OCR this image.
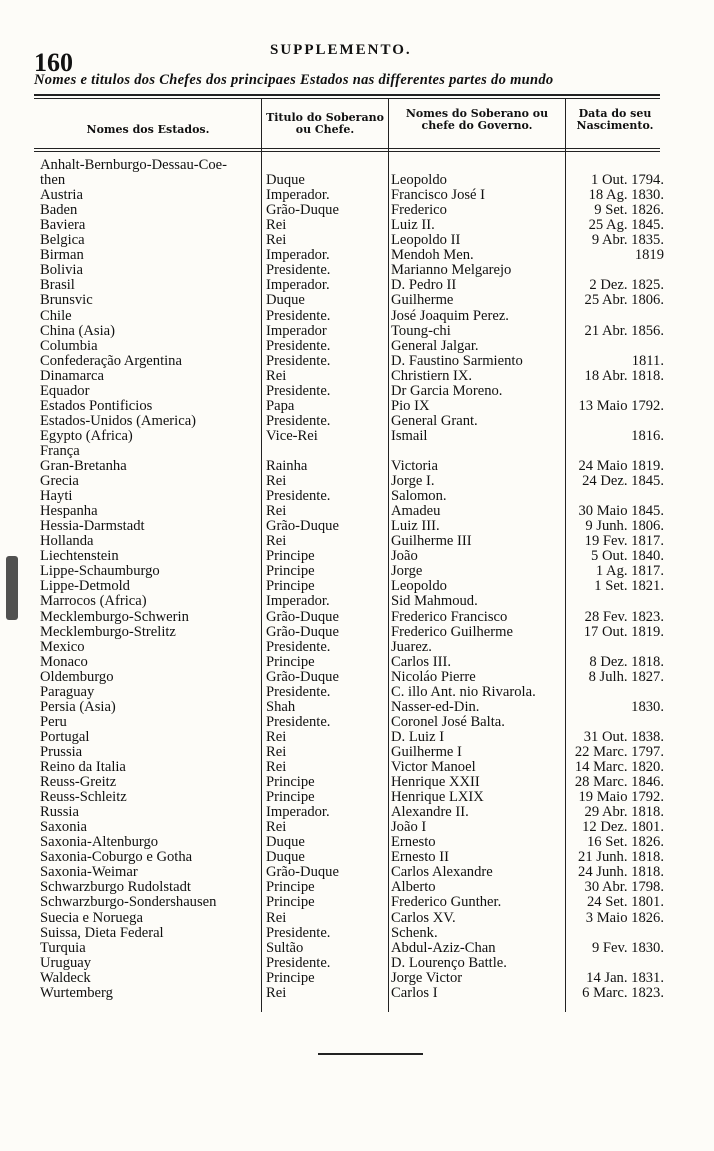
160	SUPPLEMENTO.
Nomes e titulos dos Chefes dos principaes Estados nas differentes partes do mundo
Nomes dos Estados.
Titulo do Soberano
ou Chefe.
Nomes do Soberano ou
chefe do Governo.
Data do seu
Nascimento.
Anhalt-Bernburgo-Dessau-Coe-
then	Duque	Leopoldo	1 Out. 1794.
Austria	Imperador.	Francisco José I	18 Ag. 1830.
Baden	Grão-Duque	Frederico	9 Set. 1826.
Baviera	Rei	Luiz II.	25 Ag. 1845.
Belgica	Rei	Leopoldo II	9 Abr. 1835.
Birman	Imperador.	Mendoh Men.	1819
Bolivia	Presidente.	Marianno Melgarejo
Brasil	Imperador.	D. Pedro II	2 Dez. 1825.
Brunsvic	Duque	Guilherme	25 Abr. 1806.
Chile	Presidente.	José Joaquim Perez.
China (Asia)	Imperador	Toung-chi	21 Abr. 1856.
Columbia	Presidente.	General Jalgar.
Confederação Argentina	Presidente.	D. Faustino Sarmiento	1811.
Dinamarca	Rei	Christiern IX.	18 Abr. 1818.
Equador	Presidente.	Dr Garcia Moreno.
Estados Pontificios	Papa	Pio IX	13 Maio 1792.
Estados-Unidos (America)	Presidente.	General Grant.
Egypto (Africa)	Vice-Rei	Ismail	1816.
França
Gran-Bretanha	Rainha	Victoria	24 Maio 1819.
Grecia	Rei	Jorge I.	24 Dez. 1845.
Hayti	Presidente.	Salomon.
Hespanha	Rei	Amadeu	30 Maio 1845.
Hessia-Darmstadt	Grão-Duque	Luiz III.	9 Junh. 1806.
Hollanda	Rei	Guilherme III	19 Fev. 1817.
Liechtenstein	Principe	João	5 Out. 1840.
Lippe-Schaumburgo	Principe	Jorge	1 Ag. 1817.
Lippe-Detmold	Principe	Leopoldo	1 Set. 1821.
Marrocos (Africa)	Imperador.	Sid Mahmoud.
Mecklemburgo-Schwerin	Grão-Duque	Frederico Francisco	28 Fev. 1823.
Mecklemburgo-Strelitz	Grão-Duque	Frederico Guilherme	17 Out. 1819.
Mexico	Presidente.	Juarez.
Monaco	Principe	Carlos III.	8 Dez. 1818.
Oldemburgo	Grão-Duque	Nicoláo Pierre	8 Julh. 1827.
Paraguay	Presidente.	C. illo Ant. nio Rivarola.
Persia (Asia)	Shah	Nasser-ed-Din.	1830.
Peru	Presidente.	Coronel José Balta.
Portugal	Rei	D. Luiz I	31 Out. 1838.
Prussia	Rei	Guilherme I	22 Marc. 1797.
Reino da Italia	Rei	Victor Manoel	14 Marc. 1820.
Reuss-Greitz	Principe	Henrique XXII	28 Marc. 1846.
Reuss-Schleitz	Principe	Henrique LXIX	19 Maio 1792.
Russia	Imperador.	Alexandre II.	29 Abr. 1818.
Saxonia	Rei	João I	12 Dez. 1801.
Saxonia-Altenburgo	Duque	Ernesto	16 Set. 1826.
Saxonia-Coburgo e Gotha	Duque	Ernesto II	21 Junh. 1818.
Saxonia-Weimar	Grão-Duque	Carlos Alexandre	24 Junh. 1818.
Schwarzburgo Rudolstadt	Principe	Alberto	30 Abr. 1798.
Schwarzburgo-Sondershausen	Principe	Frederico Gunther.	24 Set. 1801.
Suecia e Noruega	Rei	Carlos XV.	3 Maio 1826.
Suissa, Dieta Federal	Presidente.	Schenk.
Turquia	Sultão	Abdul-Aziz-Chan	9 Fev. 1830.
Uruguay	Presidente.	D. Lourenço Battle.
Waldeck	Principe	Jorge Victor	14 Jan. 1831.
Wurtemberg	Rei	Carlos I	6 Marc. 1823.
